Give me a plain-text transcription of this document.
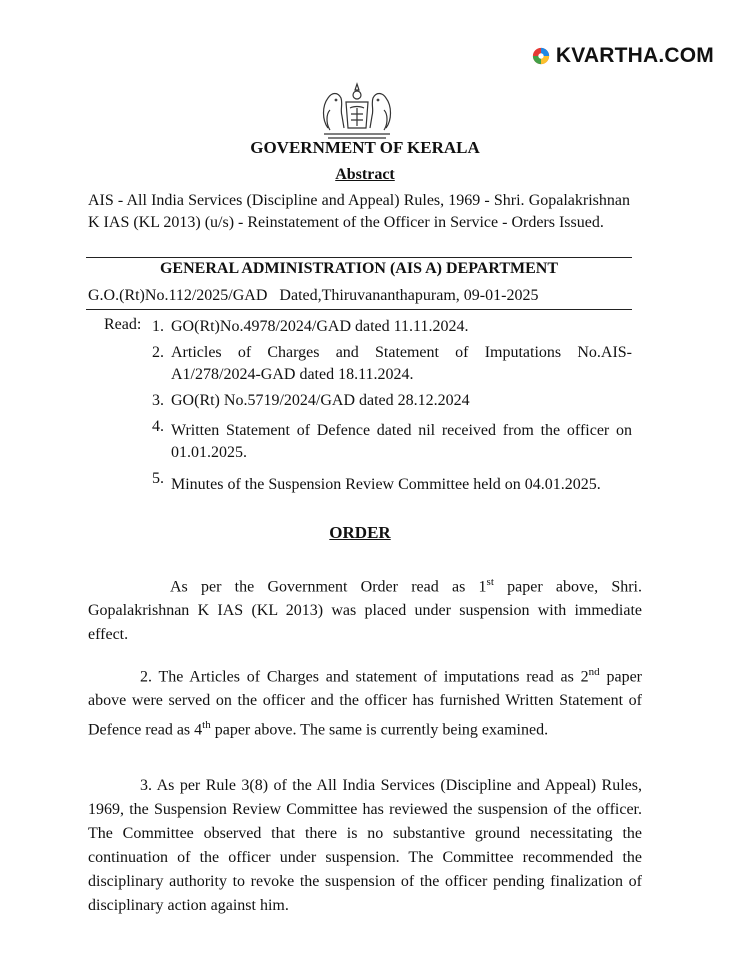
KVARTHA.COM
GOVERNMENT OF KERALA
Abstract
AIS - All India Services (Discipline and Appeal) Rules, 1969 - Shri. Gopalakrishnan K IAS (KL 2013) (u/s) - Reinstatement of the Officer in Service - Orders Issued.
GENERAL ADMINISTRATION (AIS A) DEPARTMENT
G.O.(Rt)No.112/2025/GAD Dated,Thiruvananthapuram, 09-01-2025
Read: 1. GO(Rt)No.4978/2024/GAD dated 11.11.2024.
2. Articles of Charges and Statement of Imputations No.AIS-A1/278/2024-GAD dated 18.11.2024.
3. GO(Rt) No.5719/2024/GAD dated 28.12.2024
4. Written Statement of Defence dated nil received from the officer on 01.01.2025.
5. Minutes of the Suspension Review Committee held on 04.01.2025.
ORDER
As per the Government Order read as 1st paper above, Shri. Gopalakrishnan K IAS (KL 2013) was placed under suspension with immediate effect.
2. The Articles of Charges and statement of imputations read as 2nd paper above were served on the officer and the officer has furnished Written Statement of Defence read as 4th paper above. The same is currently being examined.
3. As per Rule 3(8) of the All India Services (Discipline and Appeal) Rules, 1969, the Suspension Review Committee has reviewed the suspension of the officer. The Committee observed that there is no substantive ground necessitating the continuation of the officer under suspension. The Committee recommended the disciplinary authority to revoke the suspension of the officer pending finalization of disciplinary action against him.
